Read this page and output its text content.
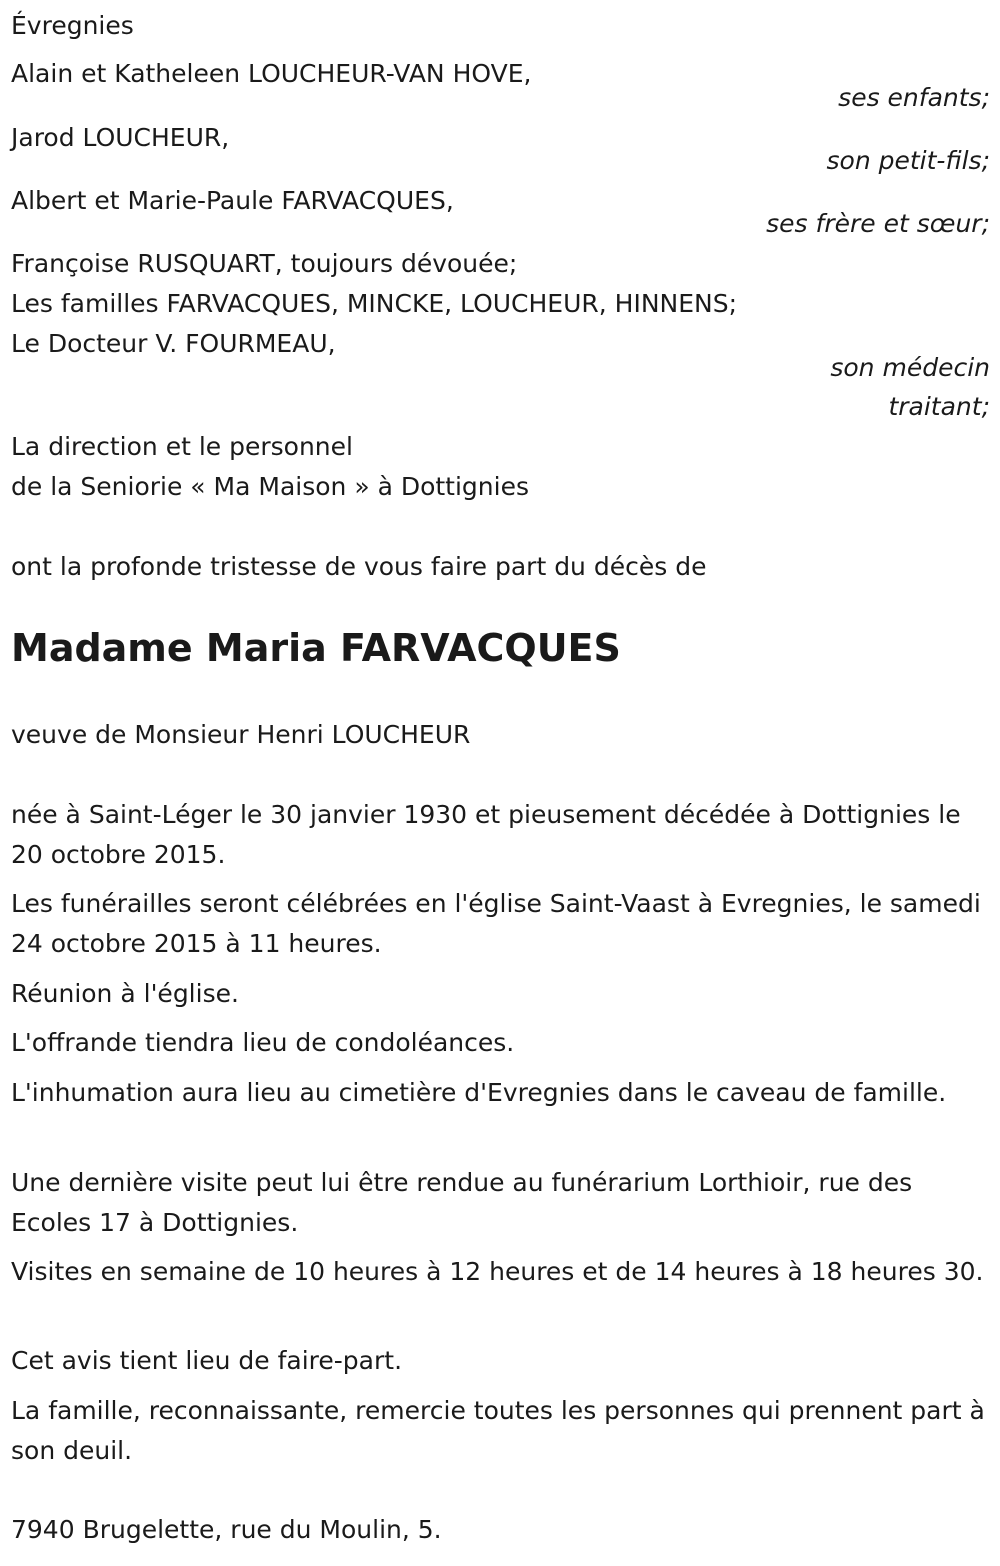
Évregnies
Alain et Katheleen LOUCHEUR-VAN HOVE,
ses enfants;
Jarod LOUCHEUR,
son petit-fils;
Albert et Marie-Paule FARVACQUES,
ses frère et sœur;
Françoise RUSQUART, toujours dévouée;
Les familles FARVACQUES, MINCKE, LOUCHEUR, HINNENS;
Le Docteur V. FOURMEAU,
son médecin
traitant;
La direction et le personnel
de la Seniorie « Ma Maison » à Dottignies
ont la profonde tristesse de vous faire part du décès de
Madame Maria FARVACQUES
veuve de Monsieur Henri LOUCHEUR
née à Saint-Léger le 30 janvier 1930 et pieusement décédée à Dottignies le 20 octobre 2015.
Les funérailles seront célébrées en l'église Saint-Vaast à Evregnies, le samedi 24 octobre 2015 à 11 heures.
Réunion à l'église.
L'offrande tiendra lieu de condoléances.
L'inhumation aura lieu au cimetière d'Evregnies dans le caveau de famille.
Une dernière visite peut lui être rendue au funérarium Lorthioir, rue des Ecoles 17 à Dottignies.
Visites en semaine de 10 heures à 12 heures et de 14 heures à 18 heures 30.
Cet avis tient lieu de faire-part.
La famille, reconnaissante, remercie toutes les personnes qui prennent part à son deuil.
7940 Brugelette, rue du Moulin, 5.
